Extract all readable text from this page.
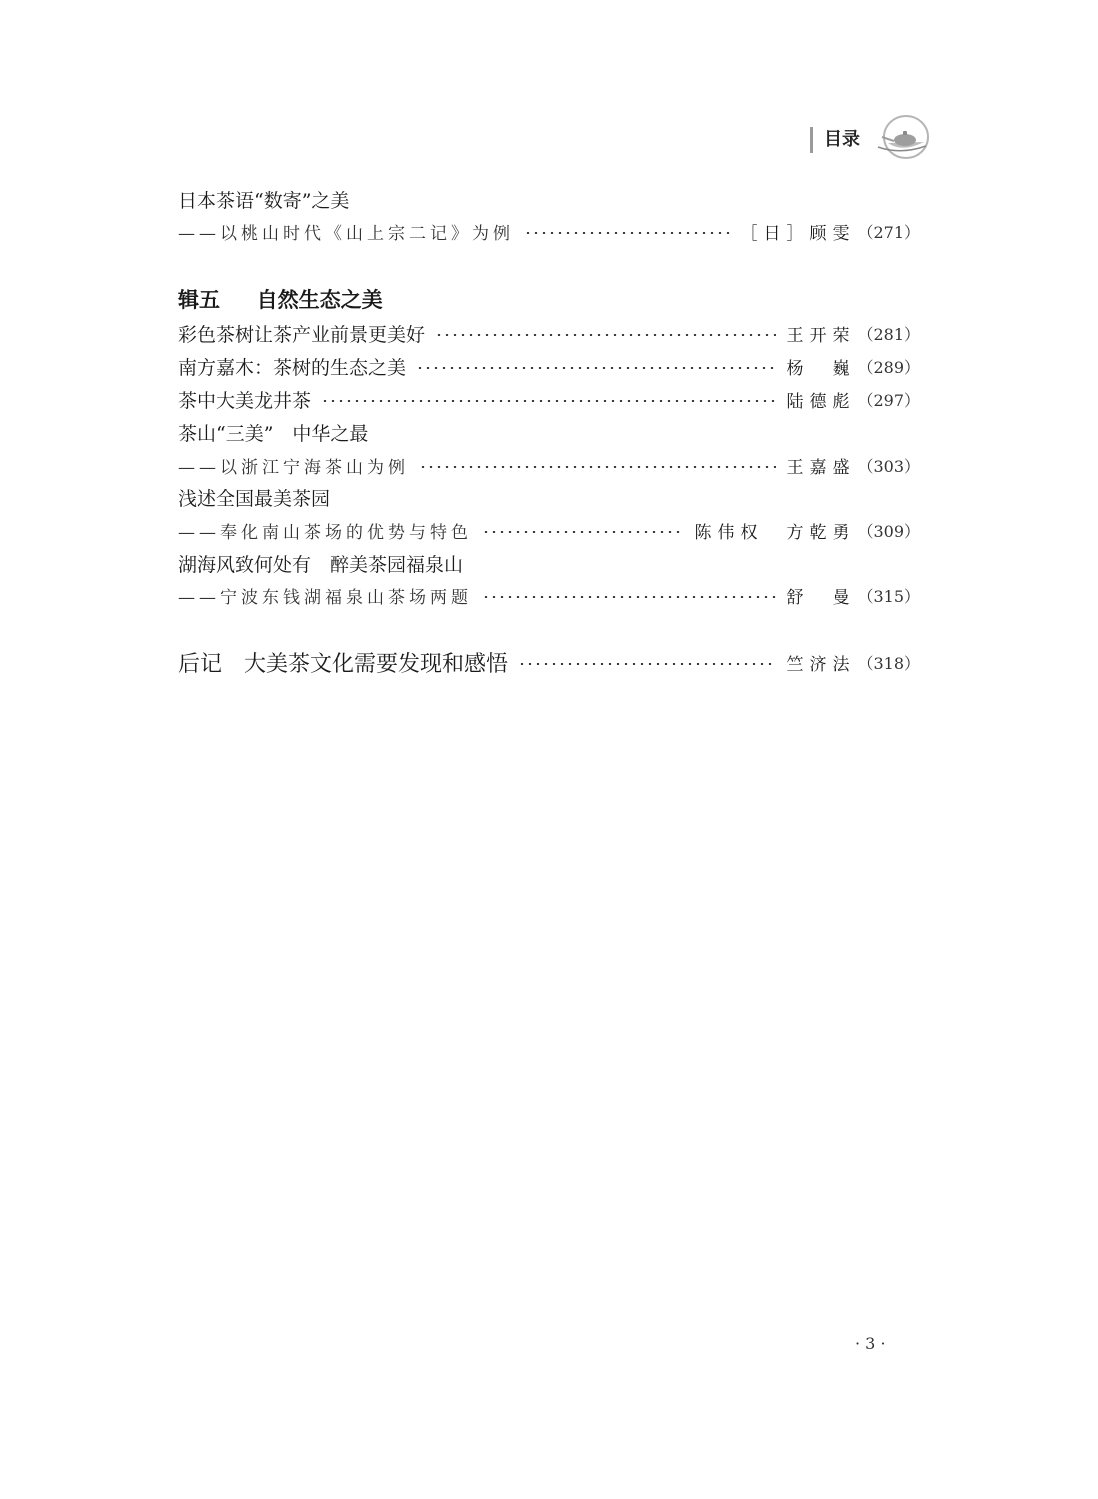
目录
日本茶语“数寄”之美
——以桃山时代《山上宗二记》为例	［日］顾雯 （271）
辑五 自然生态之美
彩色茶树让茶产业前景更美好	王开荣 （281）
南方嘉木：茶树的生态之美	杨　巍 （289）
茶中大美龙井茶	陆德彪 （297）
茶山“三美”　中华之最
——以浙江宁海茶山为例	王嘉盛 （303）
浅述全国最美茶园
——奉化南山茶场的优势与特色	陈伟权　方乾勇 （309）
湖海风致何处有　醉美茶园福泉山
——宁波东钱湖福泉山茶场两题	舒　曼 （315）
后记 大美茶文化需要发现和感悟	竺济法 （318）
· 3 ·
